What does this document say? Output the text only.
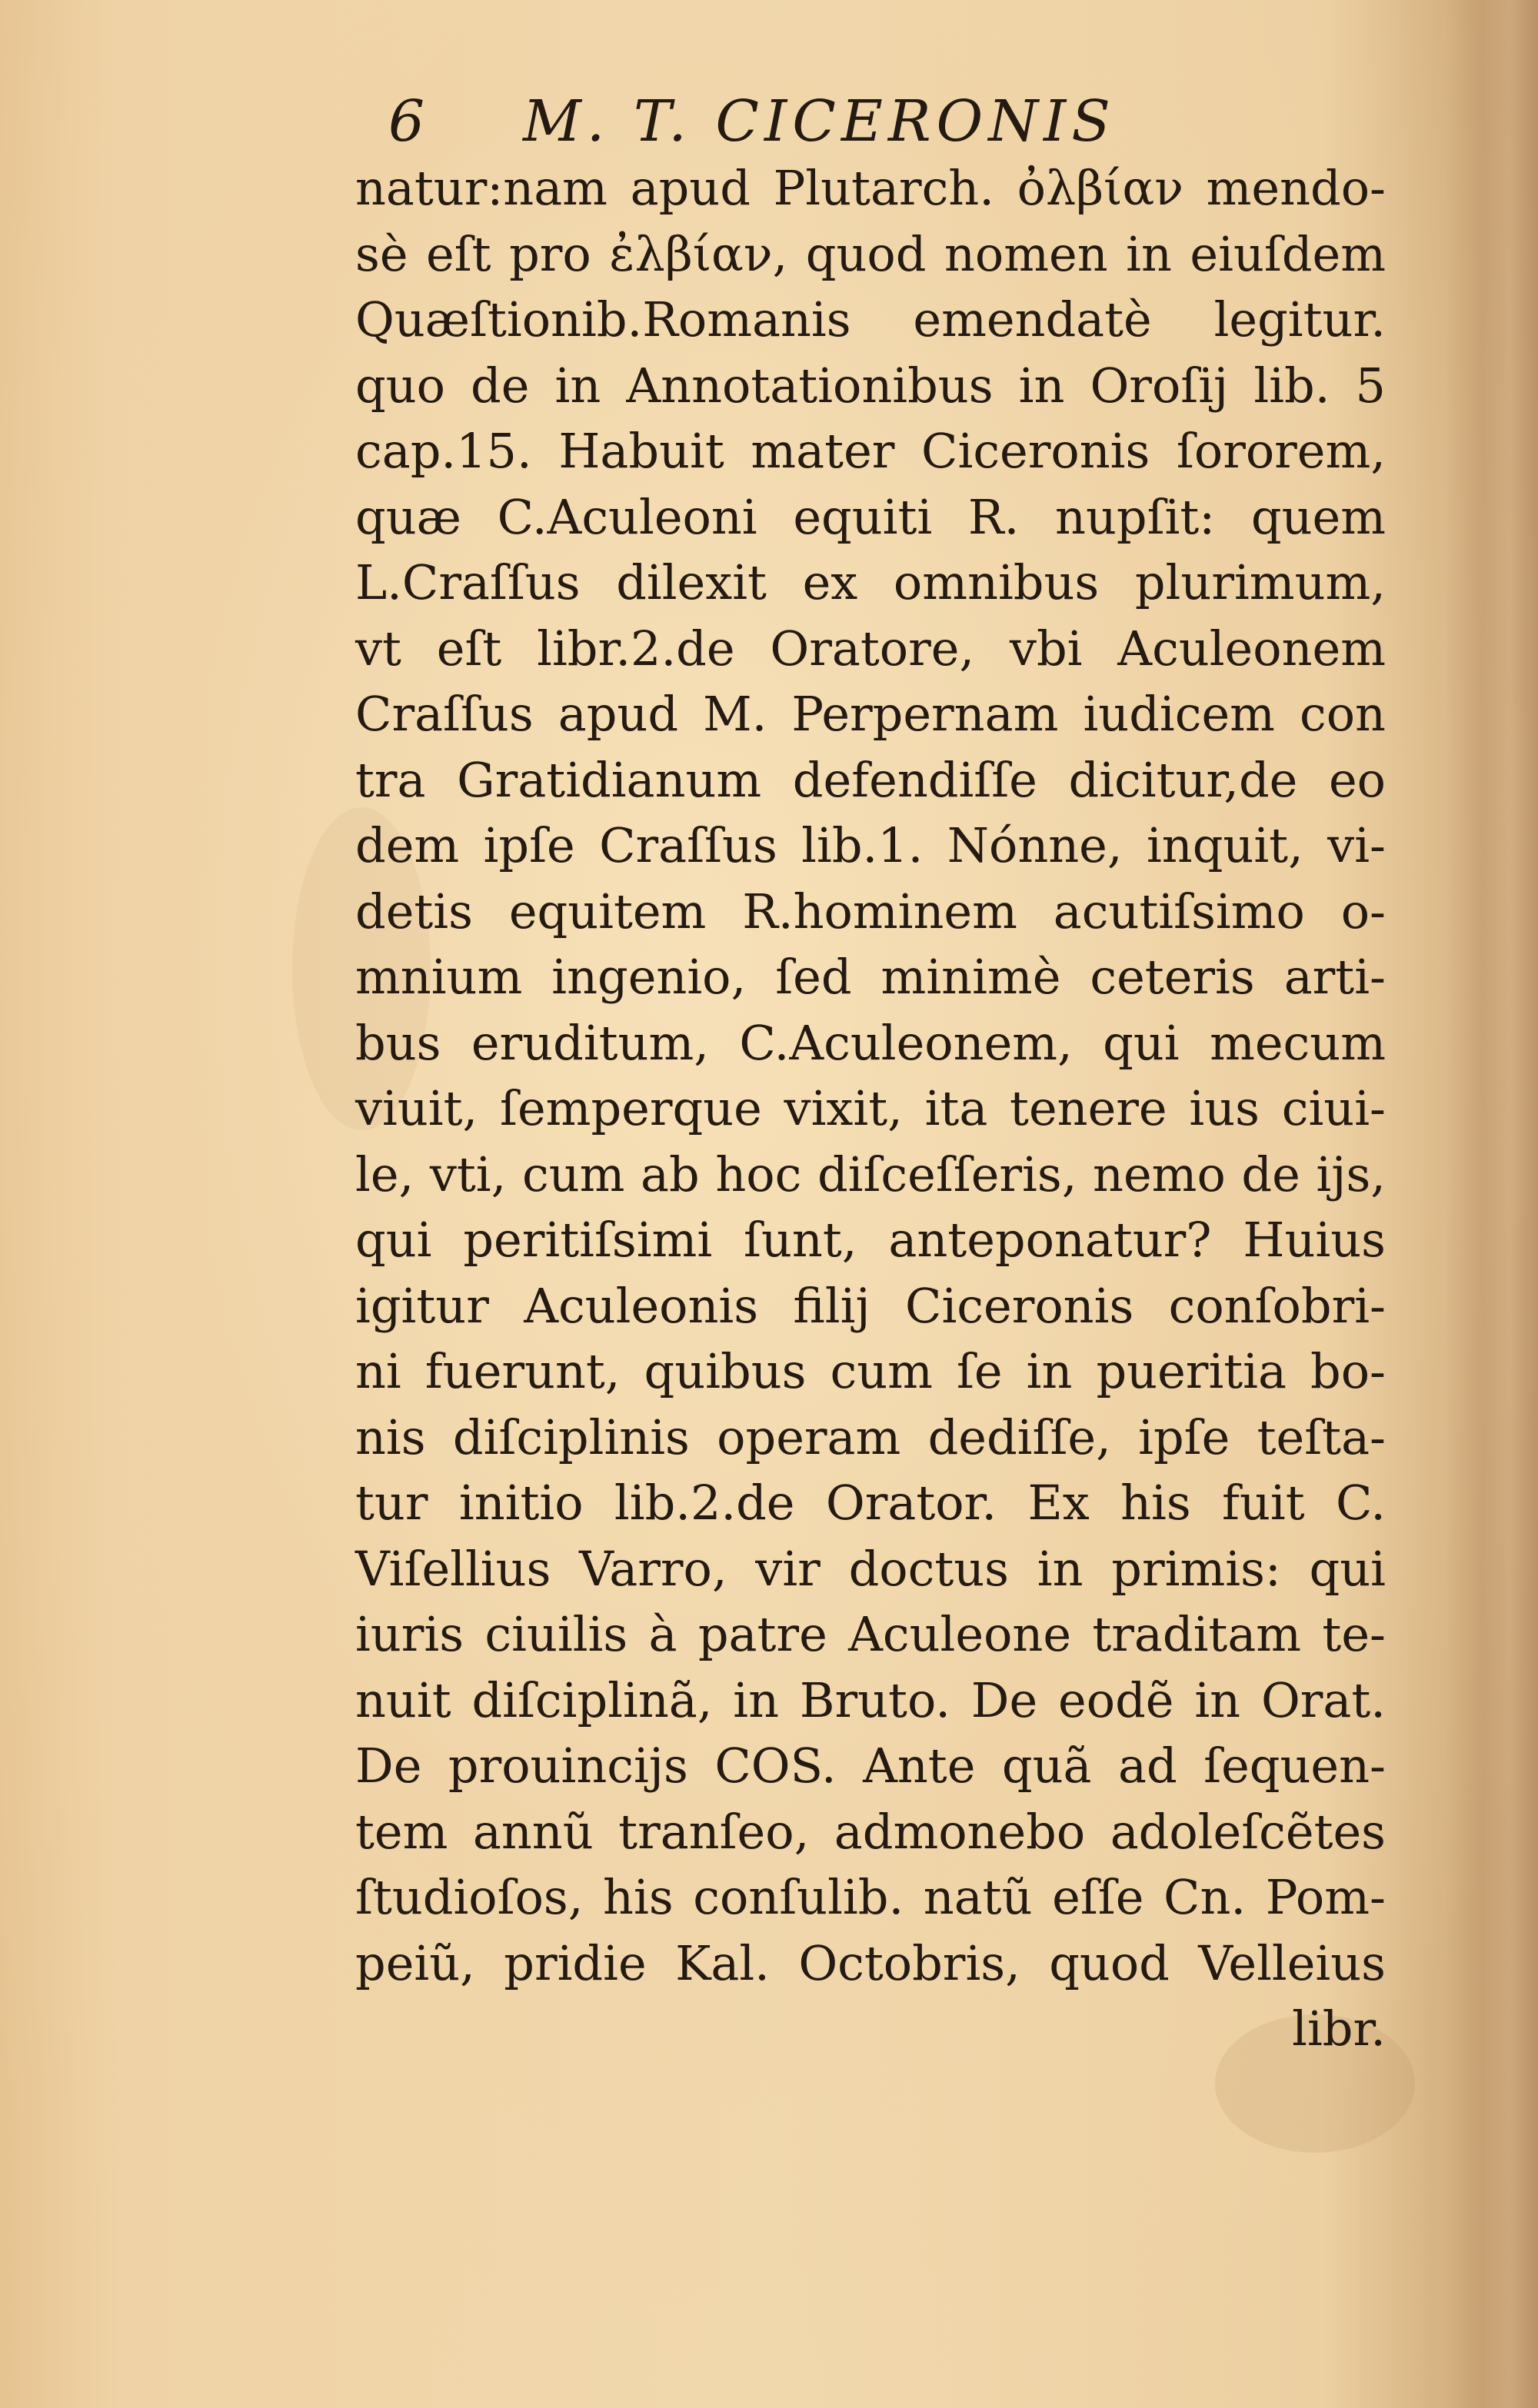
6 M. T. CICERONIS
natur:nam apud Plutarch. ὀλβίαν mendo-
sè eſt pro ἐλβίαν, quod nomen in eiuſdem
Quæſtionib.Romanis emendatè legitur.
quo de in Annotationibus in Oroſij lib. 5
cap.15. Habuit mater Ciceronis ſororem,
quæ C.Aculeoni equiti R. nupſit: quem
L.Craſſus dilexit ex omnibus plurimum,
vt eſt libr.2.de Oratore, vbi Aculeonem
Craſſus apud M. Perpernam iudicem con
tra Gratidianum defendiſſe dicitur,de eo
dem ipſe Craſſus lib.1. Nónne, inquit, vi-
detis equitem R.hominem acutiſsimo o-
mnium ingenio, ſed minimè ceteris arti-
bus eruditum, C.Aculeonem, qui mecum
viuit, ſemperque vixit, ita tenere ius ciui-
le, vti, cum ab hoc diſceſſeris, nemo de ijs,
qui peritiſsimi ſunt, anteponatur? Huius
igitur Aculeonis filij Ciceronis conſobri-
ni fuerunt, quibus cum ſe in pueritia bo-
nis diſciplinis operam dediſſe, ipſe teſta-
tur initio lib.2.de Orator. Ex his fuit C.
Viſellius Varro, vir doctus in primis: qui
iuris ciuilis à patre Aculeone traditam te-
nuit diſciplinã, in Bruto. De eodẽ in Orat.
De prouincijs COS. Ante quã ad ſequen-
tem annũ tranſeo, admonebo adoleſcẽtes
ſtudioſos, his conſulib. natũ eſſe Cn. Pom-
peiũ, pridie Kal. Octobris, quod Velleius
libr.
